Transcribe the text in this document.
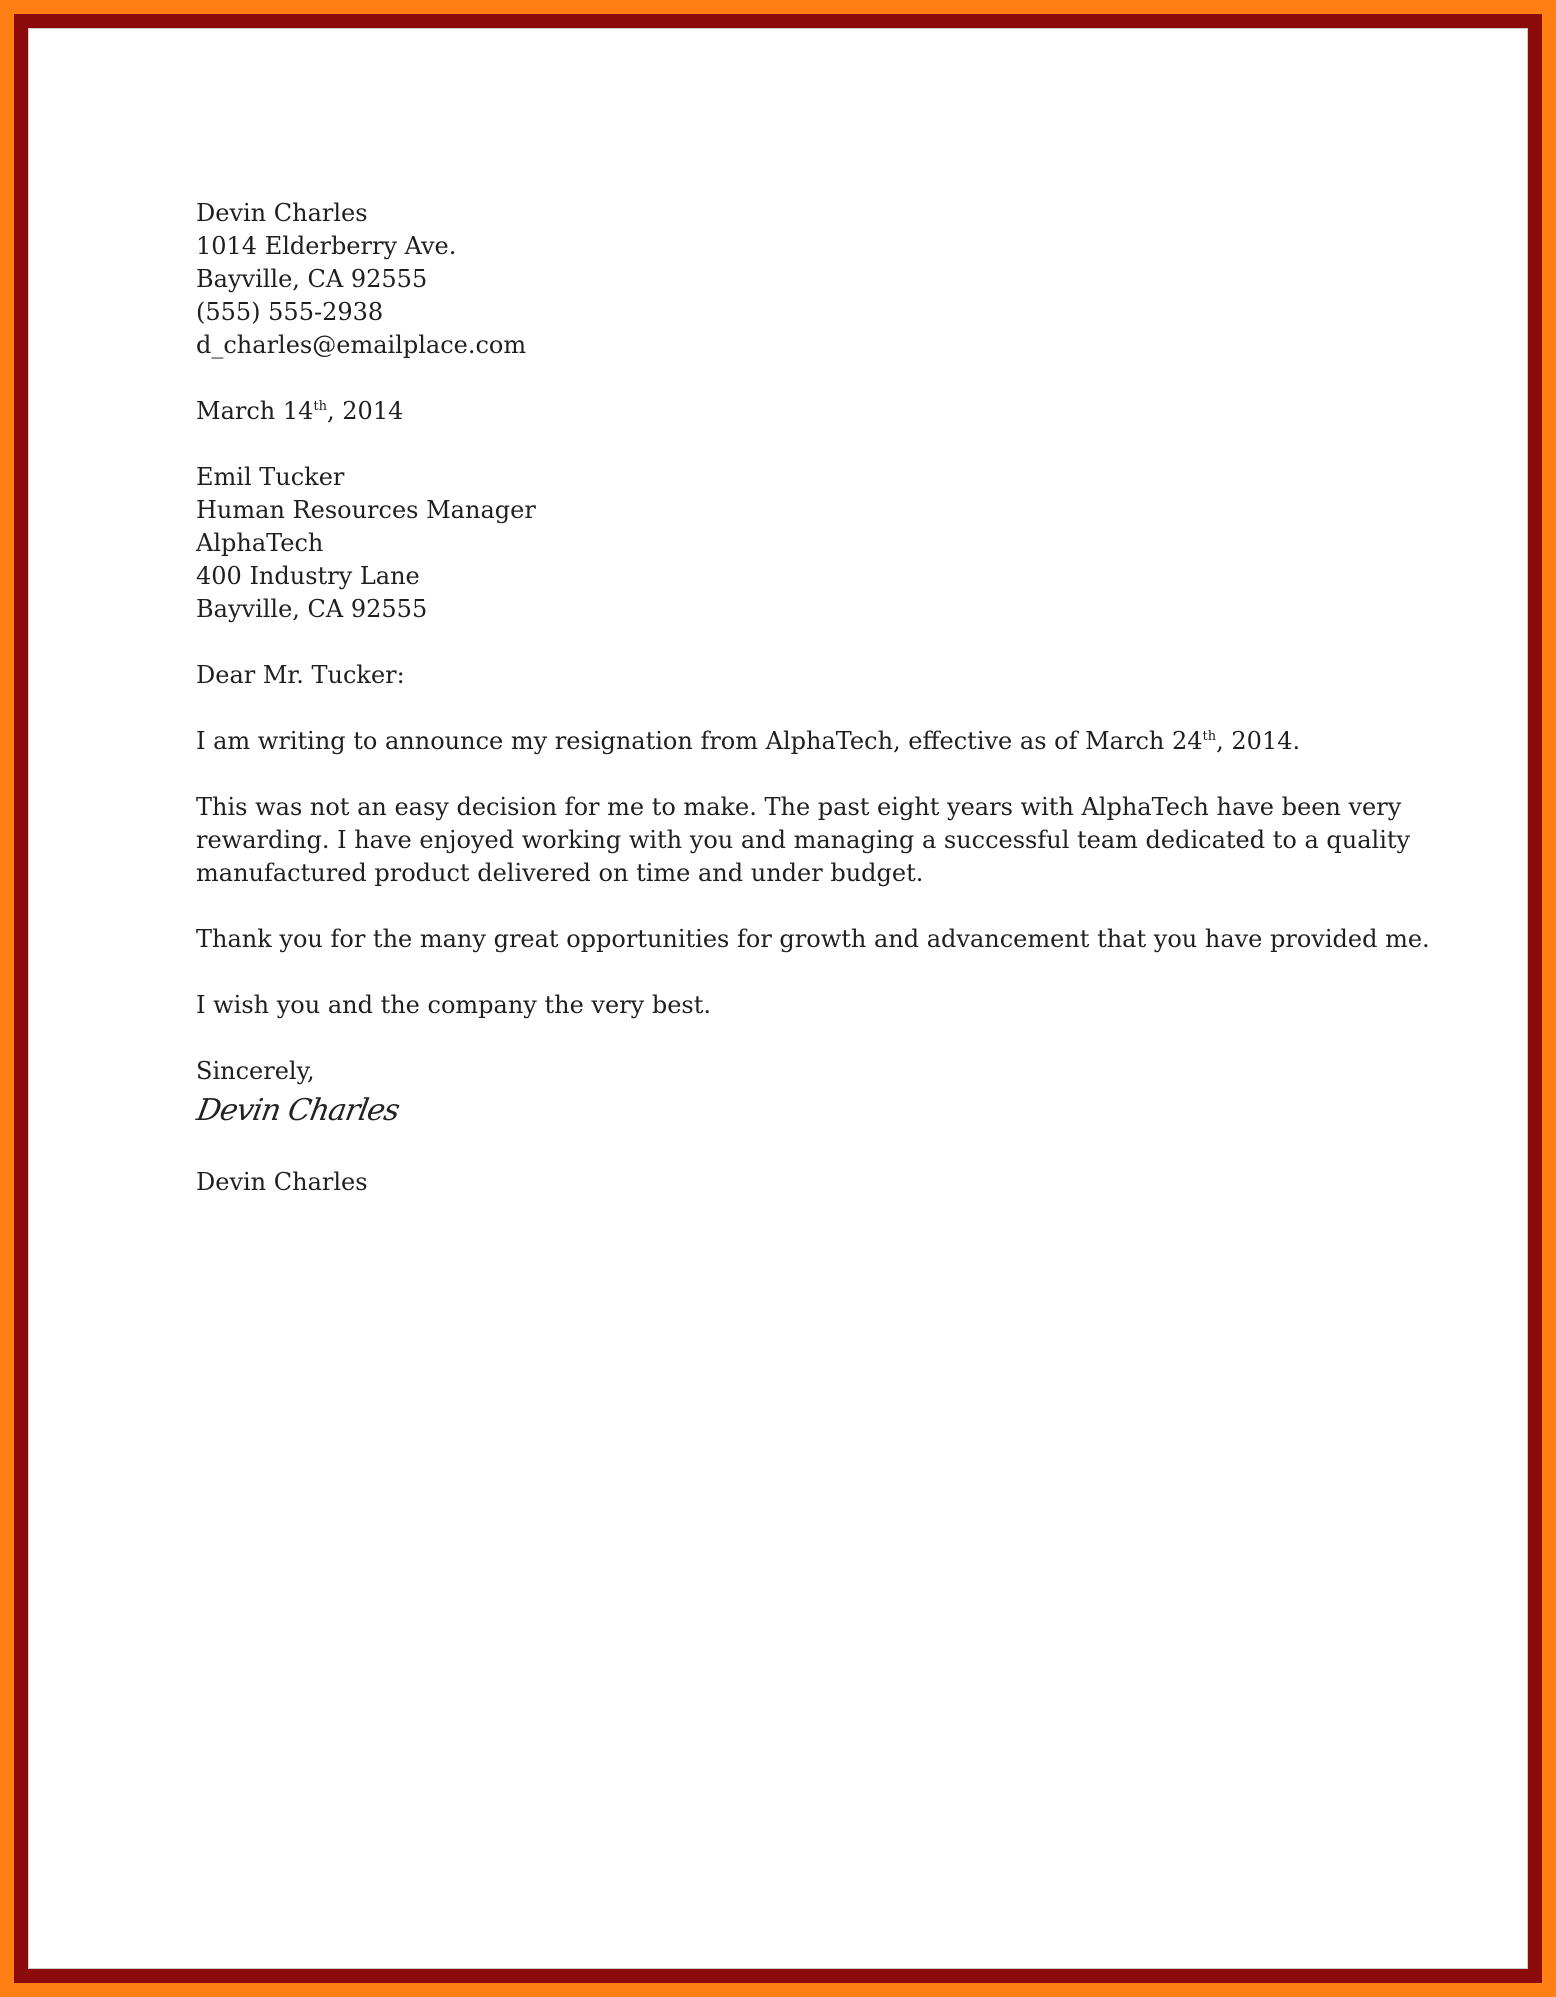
Devin Charles
1014 Elderberry Ave.
Bayville, CA 92555
(555) 555-2938
d_charles@emailplace.com
March 14th, 2014
Emil Tucker
Human Resources Manager
AlphaTech
400 Industry Lane
Bayville, CA 92555
Dear Mr. Tucker:
I am writing to announce my resignation from AlphaTech, effective as of March 24th, 2014.
This was not an easy decision for me to make. The past eight years with AlphaTech have been very
rewarding. I have enjoyed working with you and managing a successful team dedicated to a quality
manufactured product delivered on time and under budget.
Thank you for the many great opportunities for growth and advancement that you have provided me.
I wish you and the company the very best.
Sincerely,
Devin Charles
Devin Charles
